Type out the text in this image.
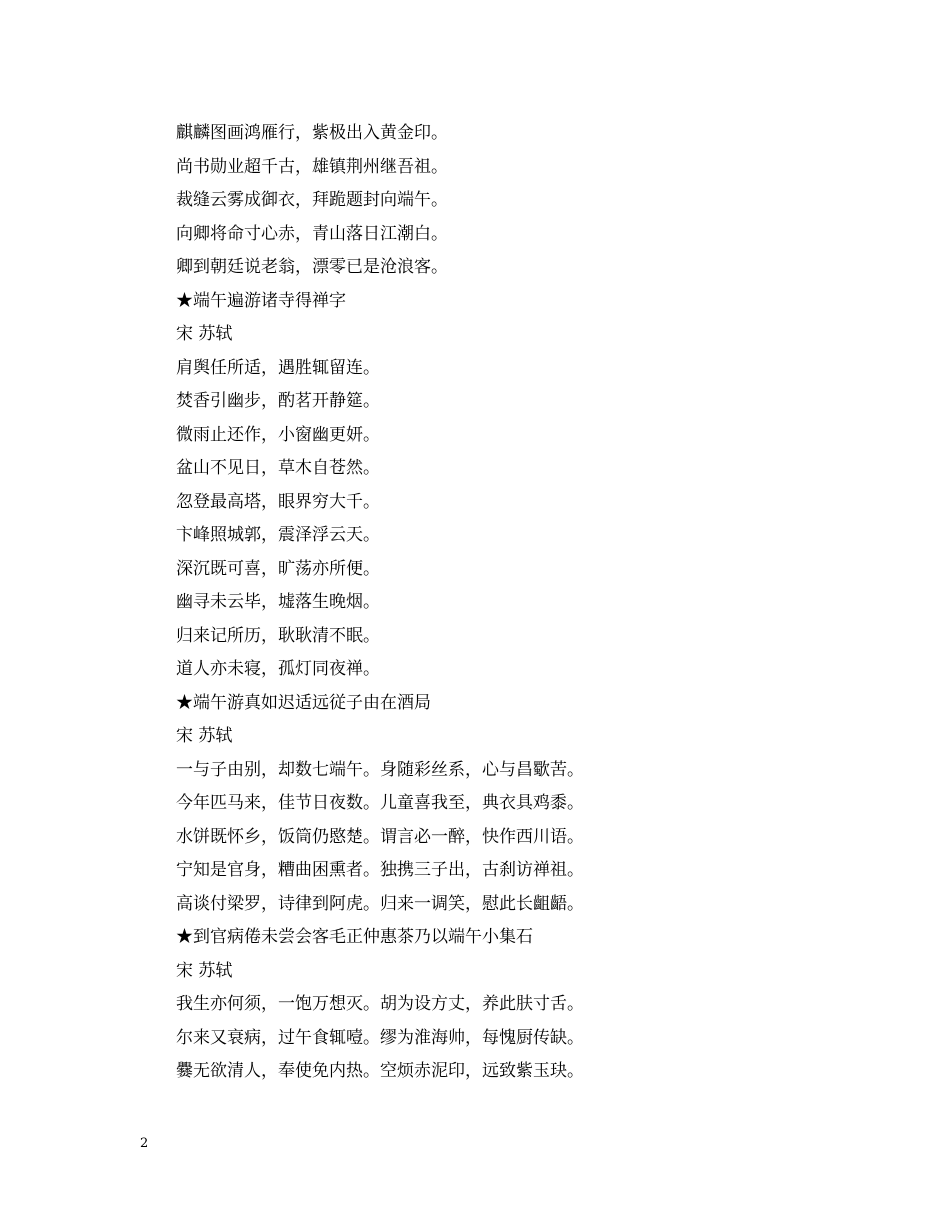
麒麟图画鸿雁行，紫极出入黄金印。
尚书勋业超千古，雄镇荆州继吾祖。
裁缝云雾成御衣，拜跪题封向端午。
向卿将命寸心赤，青山落日江潮白。
卿到朝廷说老翁，漂零已是沧浪客。
★端午遍游诸寺得禅字
宋 苏轼
肩舆任所适，遇胜辄留连。
焚香引幽步，酌茗开静筵。
微雨止还作，小窗幽更妍。
盆山不见日，草木自苍然。
忽登最高塔，眼界穷大千。
卞峰照城郭，震泽浮云天。
深沉既可喜，旷荡亦所便。
幽寻未云毕，墟落生晚烟。
归来记所历，耿耿清不眠。
道人亦未寝，孤灯同夜禅。
★端午游真如迟适远従子由在酒局
宋 苏轼
一与子由别，却数七端午。身随彩丝系，心与昌歜苦。
今年匹马来，佳节日夜数。儿童喜我至，典衣具鸡黍。
水饼既怀乡，饭筒仍愍楚。谓言必一醉，快作西川语。
宁知是官身，糟曲困熏者。独携三子出，古刹访禅祖。
高谈付梁罗，诗律到阿虎。归来一调笑，慰此长齟齬。
★到官病倦未尝会客毛正仲惠茶乃以端午小集石
宋 苏轼
我生亦何须，一饱万想灭。胡为设方丈，养此肤寸舌。
尔来又衰病，过午食辄噎。缪为淮海帅，每愧厨传缺。
爨无欲清人，奉使免内热。空烦赤泥印，远致紫玉玦。
2
